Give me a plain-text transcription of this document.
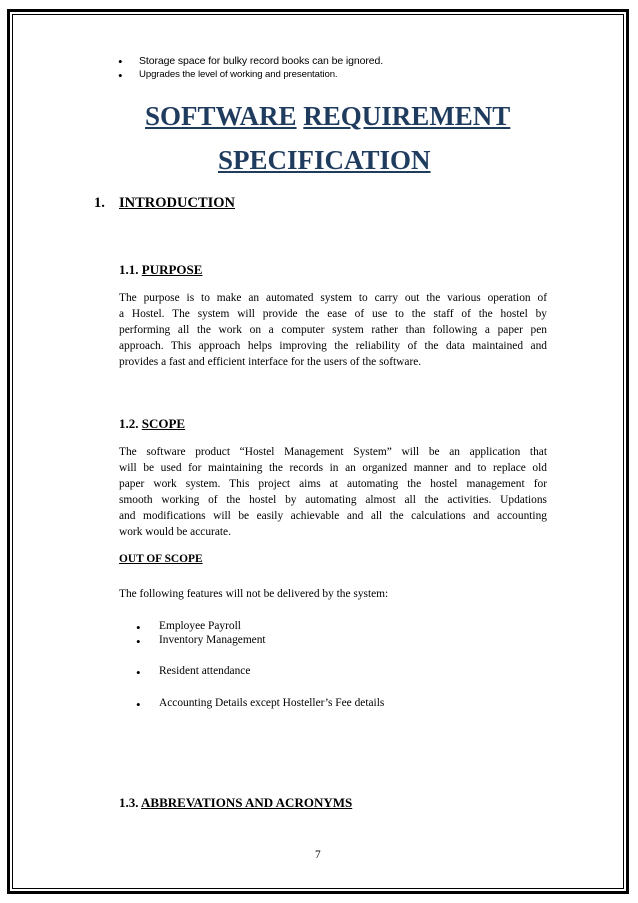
• Storage space for bulky record books can be ignored.
• Upgrades the level of working and presentation.
SOFTWARE REQUIREMENT
SPECIFICATION
1. INTRODUCTION
1.1. PURPOSE
The purpose is to make an automated system to carry out the various operation of
a Hostel. The system will provide the ease of use to the staff of the hostel by
performing all the work on a computer system rather than following a paper pen
approach. This approach helps improving the reliability of the data maintained and
provides a fast and efficient interface for the users of the software.
1.2. SCOPE
The software product “Hostel Management System” will be an application that
will be used for maintaining the records in an organized manner and to replace old
paper work system. This project aims at automating the hostel management for
smooth working of the hostel by automating almost all the activities. Updations
and modifications will be easily achievable and all the calculations and accounting
work would be accurate.
OUT OF SCOPE
The following features will not be delivered by the system:
• Employee Payroll
• Inventory Management
• Resident attendance
• Accounting Details except Hosteller’s Fee details
1.3. ABBREVATIONS AND ACRONYMS
7
